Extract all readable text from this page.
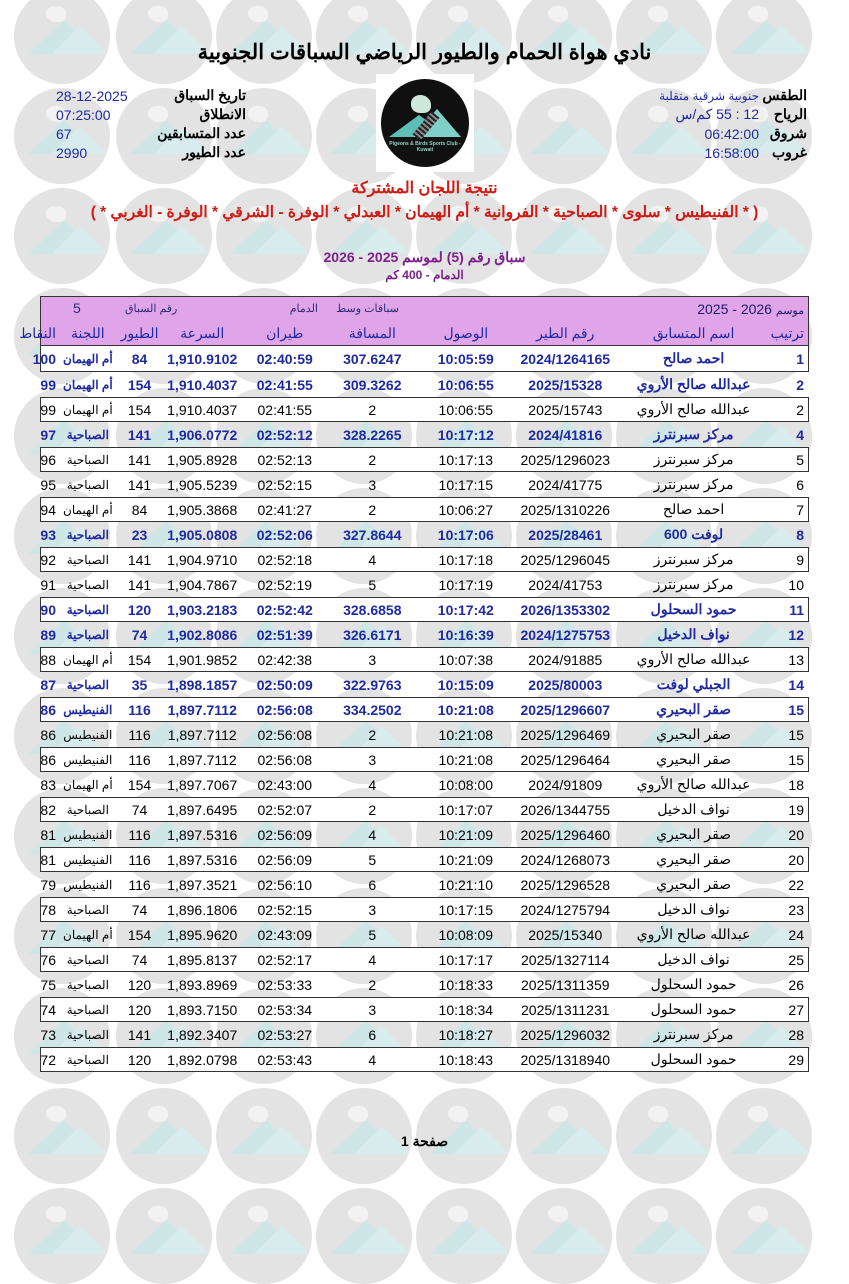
نادي هواة الحمام والطيور الرياضي السباقات الجنوبية
الطقس
جنوبية شرقية متقلبة
الرياح
12 : 55 كم/س
شروق
06:42:00
غروب
16:58:00
Pigeons & Birds Sports Club - Kuwait
تاريخ السباق
28-12-2025
الانطلاق
07:25:00
عدد المتسابقين
67
عدد الطيور
2990
نتيجة اللجان المشتركة
( * الفنيطيس * سلوى * الصباحية * الفروانية * أم الهيمان * العبدلي * الوفرة - الشرقي * الوفرة - الغربي * )
سباق رقم (5) لموسم 2025 - 2026
الدمام - 400 كم
موسم 2026 - 2025
سباقات وسط
الدمام
رقم السباق
5
ترتيب
اسم المتسابق
رقم الطير
الوصول
المسافة
طيران
السرعة
الطيور
اللجنة
النقاط
1
احمد صالح
2024/1264165
10:05:59
307.6247
02:40:59
1,910.9102
84
أم الهيمان
100
2
عبدالله صالح الأروي
2025/15328
10:06:55
309.3262
02:41:55
1,910.4037
154
أم الهيمان
99
2
عبدالله صالح الأروي
2025/15743
10:06:55
2
02:41:55
1,910.4037
154
أم الهيمان
99
4
مركز سبرنترز
2024/41816
10:17:12
328.2265
02:52:12
1,906.0772
141
الصباحية
97
5
مركز سبرنترز
2025/1296023
10:17:13
2
02:52:13
1,905.8928
141
الصباحية
96
6
مركز سبرنترز
2024/41775
10:17:15
3
02:52:15
1,905.5239
141
الصباحية
95
7
احمد صالح
2025/1310226
10:06:27
2
02:41:27
1,905.3868
84
أم الهيمان
94
8
لوفت 600
2025/28461
10:17:06
327.8644
02:52:06
1,905.0808
23
الصباحية
93
9
مركز سبرنترز
2025/1296045
10:17:18
4
02:52:18
1,904.9710
141
الصباحية
92
10
مركز سبرنترز
2024/41753
10:17:19
5
02:52:19
1,904.7867
141
الصباحية
91
11
حمود السحلول
2026/1353302
10:17:42
328.6858
02:52:42
1,903.2183
120
الصباحية
90
12
نواف الدخيل
2024/1275753
10:16:39
326.6171
02:51:39
1,902.8086
74
الصباحية
89
13
عبدالله صالح الأروي
2024/91885
10:07:38
3
02:42:38
1,901.9852
154
أم الهيمان
88
14
الجبلي لوفت
2025/80003
10:15:09
322.9763
02:50:09
1,898.1857
35
الصباحية
87
15
صقر البحيري
2025/1296607
10:21:08
334.2502
02:56:08
1,897.7112
116
الفنيطيس
86
15
صقر البحيري
2025/1296469
10:21:08
2
02:56:08
1,897.7112
116
الفنيطيس
86
15
صقر البحيري
2025/1296464
10:21:08
3
02:56:08
1,897.7112
116
الفنيطيس
86
18
عبدالله صالح الأروي
2024/91809
10:08:00
4
02:43:00
1,897.7067
154
أم الهيمان
83
19
نواف الدخيل
2026/1344755
10:17:07
2
02:52:07
1,897.6495
74
الصباحية
82
20
صقر البحيري
2025/1296460
10:21:09
4
02:56:09
1,897.5316
116
الفنيطيس
81
20
صقر البحيري
2024/1268073
10:21:09
5
02:56:09
1,897.5316
116
الفنيطيس
81
22
صقر البحيري
2025/1296528
10:21:10
6
02:56:10
1,897.3521
116
الفنيطيس
79
23
نواف الدخيل
2024/1275794
10:17:15
3
02:52:15
1,896.1806
74
الصباحية
78
24
عبدالله صالح الأروي
2025/15340
10:08:09
5
02:43:09
1,895.9620
154
أم الهيمان
77
25
نواف الدخيل
2025/1327114
10:17:17
4
02:52:17
1,895.8137
74
الصباحية
76
26
حمود السحلول
2025/1311359
10:18:33
2
02:53:33
1,893.8969
120
الصباحية
75
27
حمود السحلول
2025/1311231
10:18:34
3
02:53:34
1,893.7150
120
الصباحية
74
28
مركز سبرنترز
2025/1296032
10:18:27
6
02:53:27
1,892.3407
141
الصباحية
73
29
حمود السحلول
2025/1318940
10:18:43
4
02:53:43
1,892.0798
120
الصباحية
72
صفحة 1
